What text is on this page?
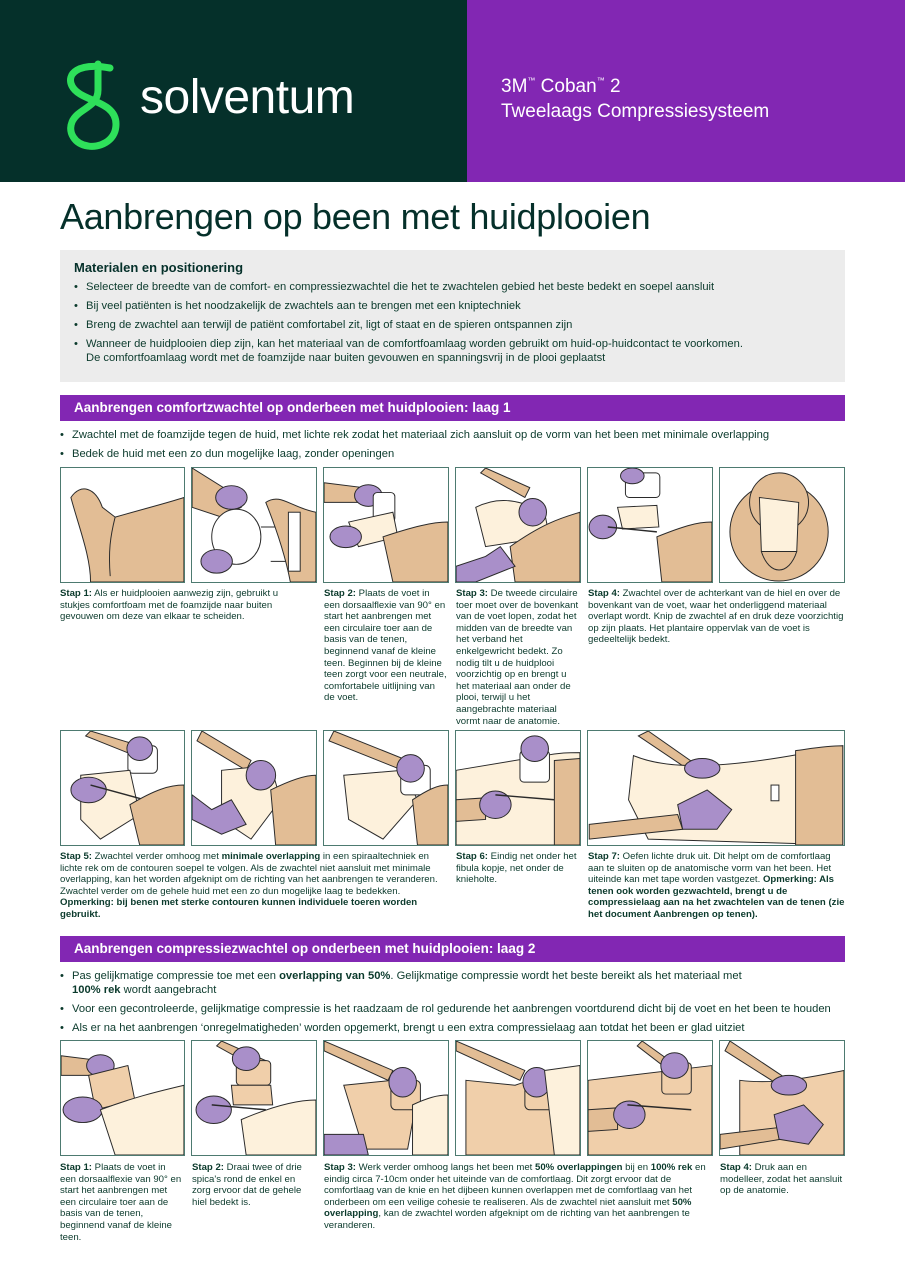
solventum	3M™ Coban™ 2
Tweelaags Compressiesysteem
Aanbrengen op been met huidplooien
Materialen en positionering
• Selecteer de breedte van de comfort- en compressiezwachtel die het te zwachtelen gebied het beste bedekt en soepel aansluit
• Bij veel patiënten is het noodzakelijk de zwachtels aan te brengen met een kniptechniek
• Breng de zwachtel aan terwijl de patiënt comfortabel zit, ligt of staat en de spieren ontspannen zijn
• Wanneer de huidplooien diep zijn, kan het materiaal van de comfortfoamlaag worden gebruikt om huid-op-huidcontact te voorkomen.
De comfortfoamlaag wordt met de foamzijde naar buiten gevouwen en spanningsvrij in de plooi geplaatst
Aanbrengen comfortzwachtel op onderbeen met huidplooien: laag 1
• Zwachtel met de foamzijde tegen de huid, met lichte rek zodat het materiaal zich aansluit op de vorm van het been met minimale overlapping
• Bedek de huid met een zo dun mogelijke laag, zonder openingen
Stap 1: Als er huidplooien aanwezig zijn, gebruikt u stukjes comfortfoam met de foamzijde naar buiten gevouwen om deze van elkaar te scheiden.
Stap 2: Plaats de voet in een dorsaalflexie van 90° en start het aanbrengen met een circulaire toer aan de basis van de tenen, beginnend vanaf de kleine teen. Beginnen bij de kleine teen zorgt voor een neutrale, comfortabele uitlijning van de voet.
Stap 3: De tweede circulaire toer moet over de bovenkant van de voet lopen, zodat het midden van de breedte van het verband het enkelgewricht bedekt. Zo nodig tilt u de huidplooi voorzichtig op en brengt u het materiaal aan onder de plooi, terwijl u het aangebrachte materiaal vormt naar de anatomie.
Stap 4: Zwachtel over de achterkant van de hiel en over de bovenkant van de voet, waar het onderliggend materiaal overlapt wordt. Knip de zwachtel af en druk deze voorzichtig op zijn plaats. Het plantaire oppervlak van de voet is gedeeltelijk bedekt.
Stap 5: Zwachtel verder omhoog met minimale overlapping in een spiraaltechniek en lichte rek om de contouren soepel te volgen. Als de zwachtel niet aansluit met minimale overlapping, kan het worden afgeknipt om de richting van het aanbrengen te veranderen. Zwachtel verder om de gehele huid met een zo dun mogelijke laag te bedekken. Opmerking: bij benen met sterke contouren kunnen individuele toeren worden gebruikt.
Stap 6: Eindig net onder het fibula kopje, net onder de knieholte.
Stap 7: Oefen lichte druk uit. Dit helpt om de comfortlaag aan te sluiten op de anatomische vorm van het been. Het uiteinde kan met tape worden vastgezet. Opmerking: Als tenen ook worden gezwachteld, brengt u de compressielaag aan na het zwachtelen van de tenen (zie het document Aanbrengen op tenen).
Aanbrengen compressiezwachtel op onderbeen met huidplooien: laag 2
• Pas gelijkmatige compressie toe met een overlapping van 50%. Gelijkmatige compressie wordt het beste bereikt als het materiaal met 100% rek wordt aangebracht
• Voor een gecontroleerde, gelijkmatige compressie is het raadzaam de rol gedurende het aanbrengen voortdurend dicht bij de voet en het been te houden
• Als er na het aanbrengen ‘onregelmatigheden’ worden opgemerkt, brengt u een extra compressielaag aan totdat het been er glad uitziet
Stap 1: Plaats de voet in een dorsaalflexie van 90° en start het aanbrengen met een circulaire toer aan de basis van de tenen, beginnend vanaf de kleine teen.
Stap 2: Draai twee of drie spica's rond de enkel en zorg ervoor dat de gehele hiel bedekt is.
Stap 3: Werk verder omhoog langs het been met 50% overlappingen bij en 100% rek en eindig circa 7-10cm onder het uiteinde van de comfortlaag. Dit zorgt ervoor dat de comfortlaag van de knie en het dijbeen kunnen overlappen met de comfortlaag van het onderbeen om een veilige cohesie te realiseren. Als de zwachtel niet aansluit met 50% overlapping, kan de zwachtel worden afgeknipt om de richting van het aanbrengen te veranderen.
Stap 4: Druk aan en modelleer, zodat het aansluit op de anatomie.
